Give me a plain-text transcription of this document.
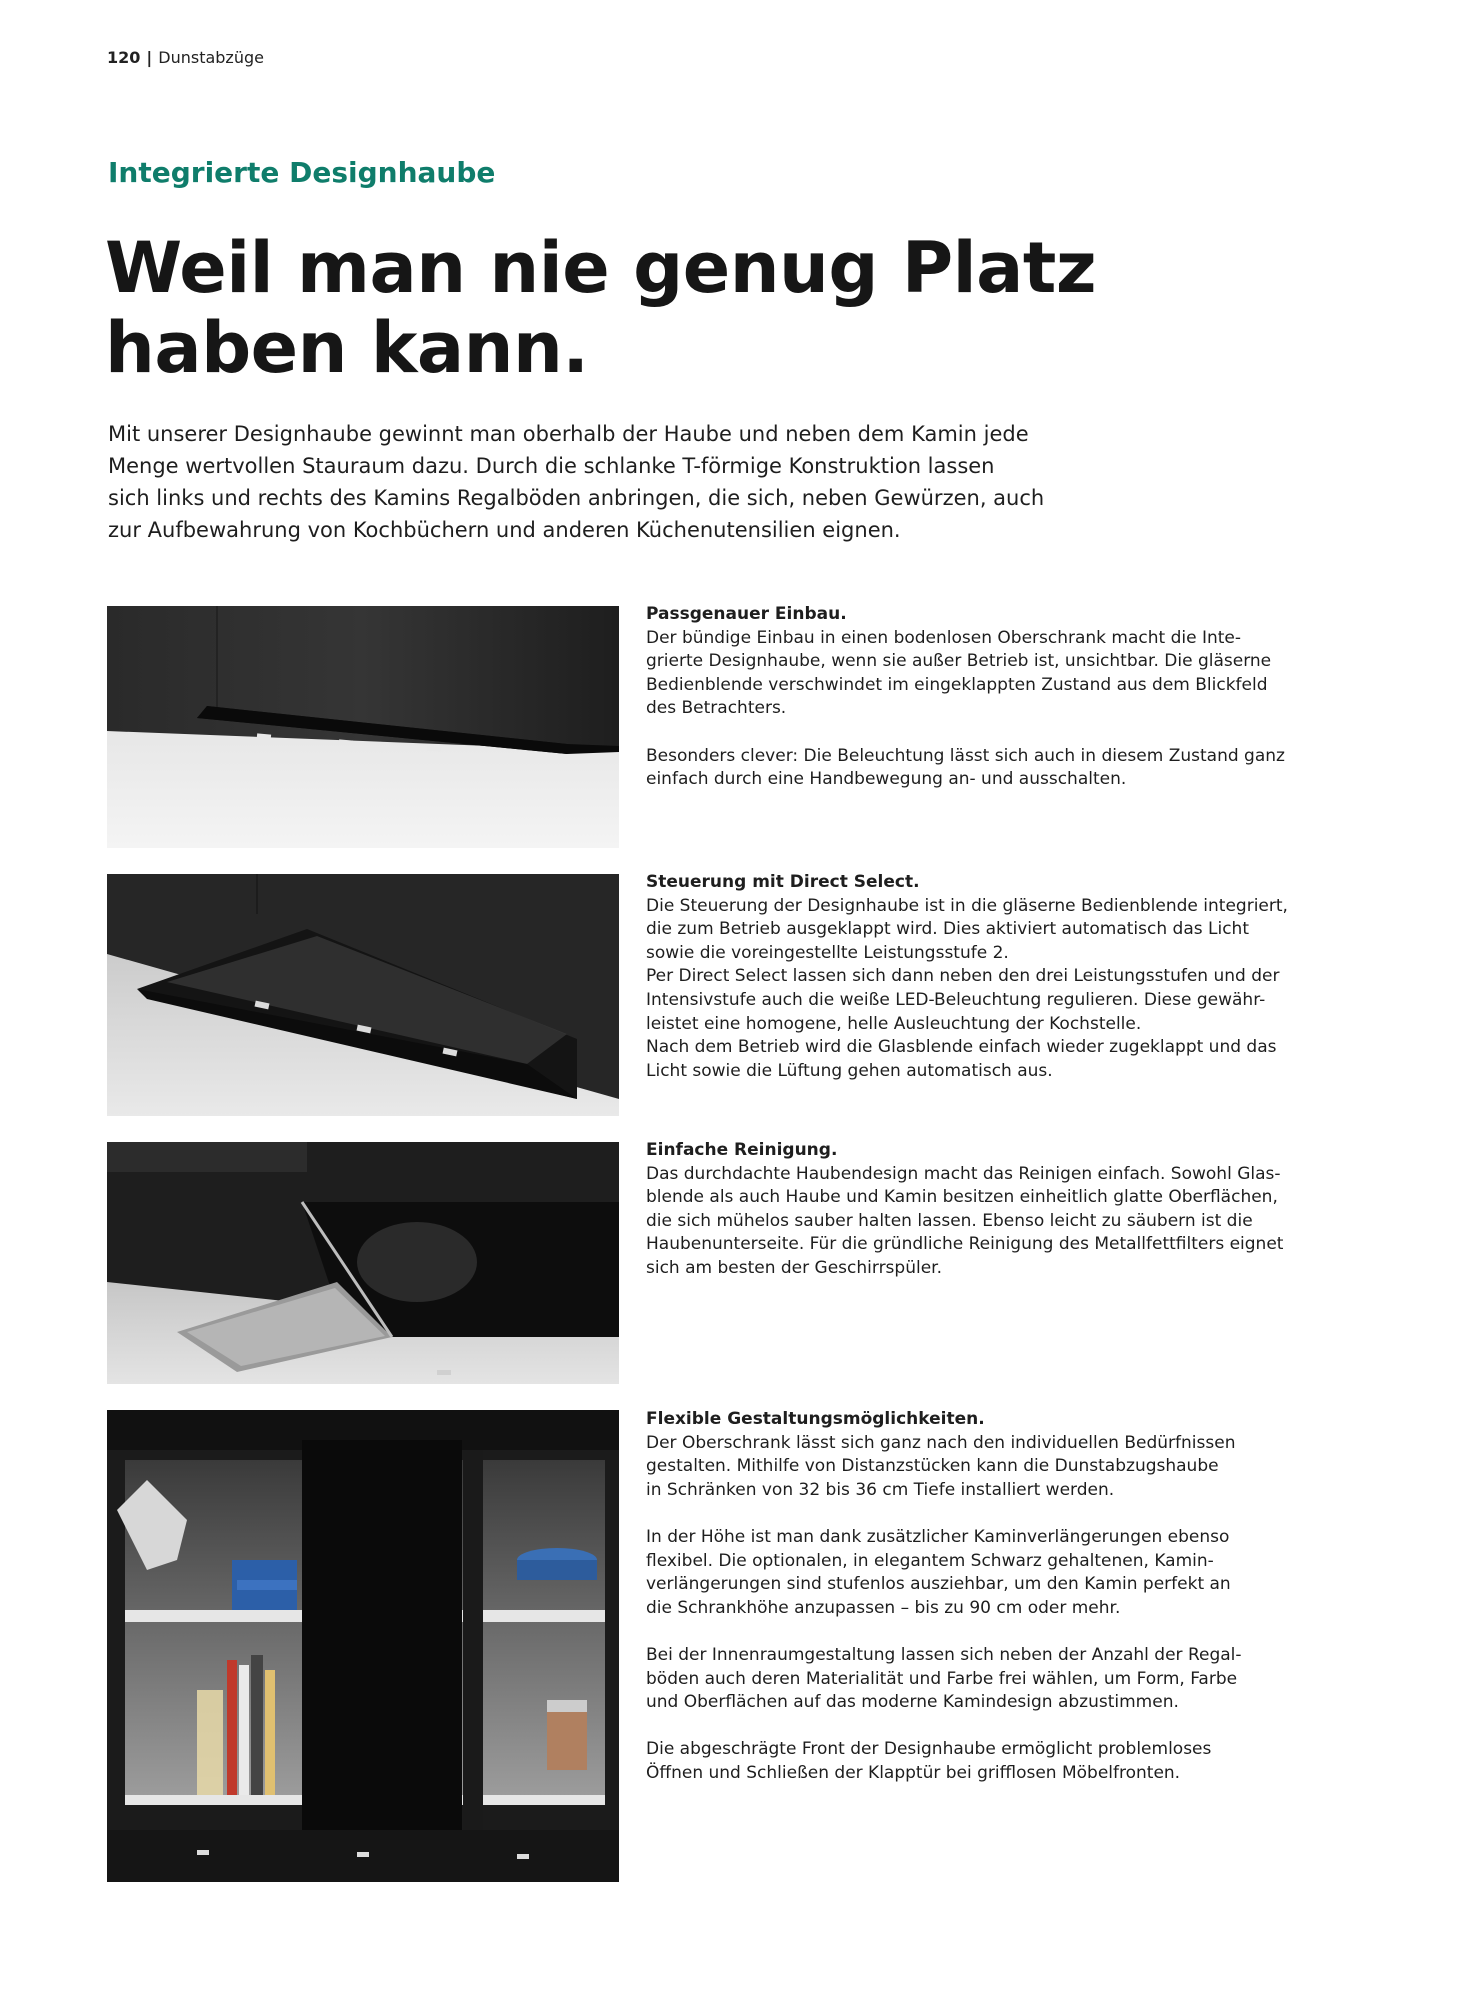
120 | Dunstabzüge
Integrierte Designhaube
Weil man nie genug Platz
haben kann.
Mit unserer Designhaube gewinnt man oberhalb der Haube und neben dem Kamin jede
Menge wertvollen Stauraum dazu. Durch die schlanke T-förmige Konstruktion lassen
sich links und rechts des Kamins Regalböden anbringen, die sich, neben Gewürzen, auch
zur Aufbewahrung von Kochbüchern und anderen Küchenutensilien eignen.
Passgenauer Einbau.
Der bündige Einbau in einen bodenlosen Oberschrank macht die Inte-
grierte Designhaube, wenn sie außer Betrieb ist, unsichtbar. Die gläserne
Bedienblende verschwindet im eingeklappten Zustand aus dem Blickfeld
des Betrachters.
Besonders clever: Die Beleuchtung lässt sich auch in diesem Zustand ganz
einfach durch eine Handbewegung an- und ausschalten.
Steuerung mit Direct Select.
Die Steuerung der Designhaube ist in die gläserne Bedienblende integriert,
die zum Betrieb ausgeklappt wird. Dies aktiviert automatisch das Licht
sowie die voreingestellte Leistungsstufe 2.
Per Direct Select lassen sich dann neben den drei Leistungsstufen und der
Intensivstufe auch die weiße LED-Beleuchtung regulieren. Diese gewähr-
leistet eine homogene, helle Ausleuchtung der Kochstelle.
Nach dem Betrieb wird die Glasblende einfach wieder zugeklappt und das
Licht sowie die Lüftung gehen automatisch aus.
Einfache Reinigung.
Das durchdachte Haubendesign macht das Reinigen einfach. Sowohl Glas-
blende als auch Haube und Kamin besitzen einheitlich glatte Oberflächen,
die sich mühelos sauber halten lassen. Ebenso leicht zu säubern ist die
Haubenunterseite. Für die gründliche Reinigung des Metallfettfilters eignet
sich am besten der Geschirrspüler.
Flexible Gestaltungsmöglichkeiten.
Der Oberschrank lässt sich ganz nach den individuellen Bedürfnissen
gestalten. Mithilfe von Distanzstücken kann die Dunstabzugshaube
in Schränken von 32 bis 36 cm Tiefe installiert werden.
In der Höhe ist man dank zusätzlicher Kaminverlängerungen ebenso
flexibel. Die optionalen, in elegantem Schwarz gehaltenen, Kamin-
verlängerungen sind stufenlos ausziehbar, um den Kamin perfekt an
die Schrankhöhe anzupassen – bis zu 90 cm oder mehr.
Bei der Innenraumgestaltung lassen sich neben der Anzahl der Regal-
böden auch deren Materialität und Farbe frei wählen, um Form, Farbe
und Oberflächen auf das moderne Kamindesign abzustimmen.
Die abgeschrägte Front der Designhaube ermöglicht problemloses
Öffnen und Schließen der Klapptür bei grifflosen Möbelfronten.
